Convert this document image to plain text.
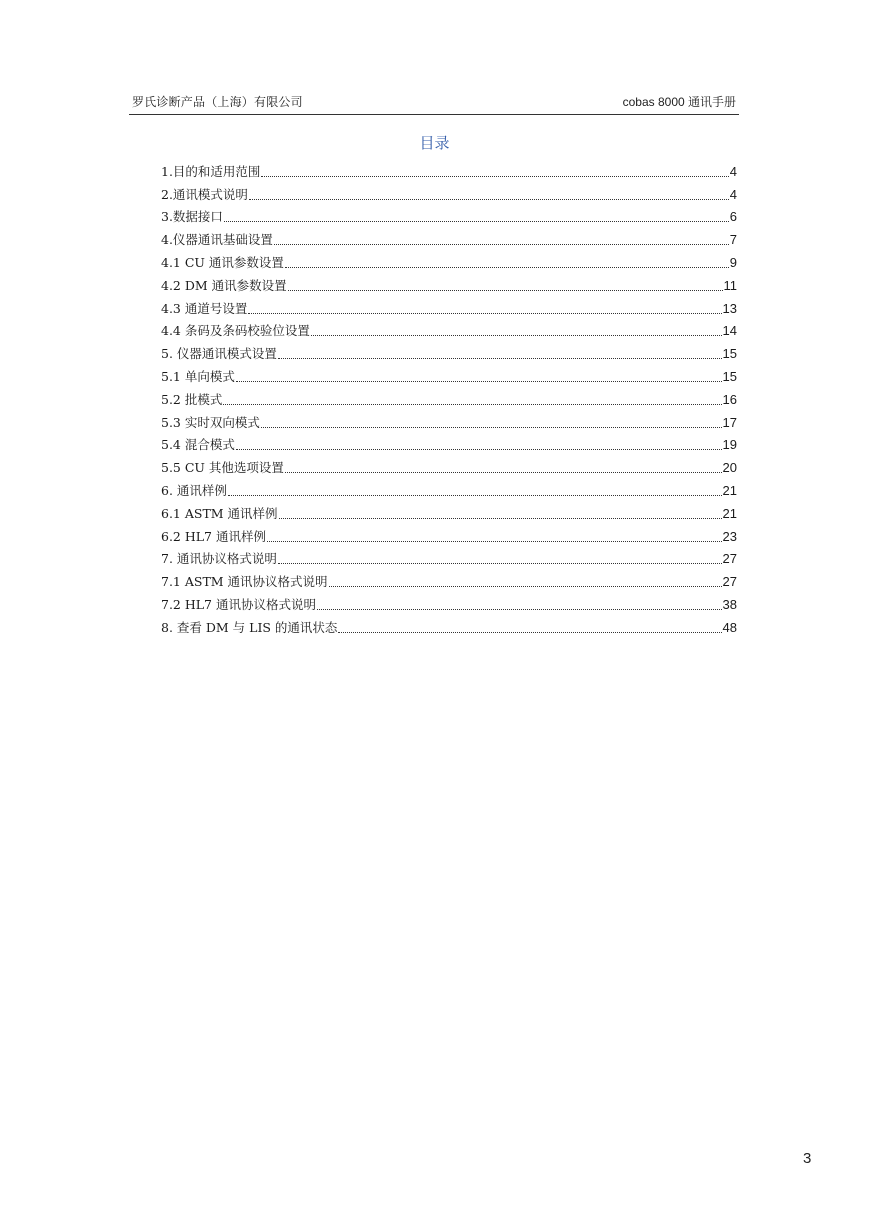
罗氏诊断产品（上海）有限公司	cobas 8000 通讯手册
目录
1.目的和适用范围	4
2.通讯模式说明	4
3.数据接口	6
4.仪器通讯基础设置	7
4.1 CU 通讯参数设置	9
4.2 DM 通讯参数设置	11
4.3 通道号设置	13
4.4 条码及条码校验位设置	14
5. 仪器通讯模式设置	15
5.1 单向模式	15
5.2 批模式	16
5.3 实时双向模式	17
5.4 混合模式	19
5.5 CU 其他选项设置	20
6. 通讯样例	21
6.1 ASTM 通讯样例	21
6.2 HL7 通讯样例	23
7. 通讯协议格式说明	27
7.1 ASTM 通讯协议格式说明	27
7.2 HL7 通讯协议格式说明	38
8. 查看 DM 与 LIS 的通讯状态	48
3
